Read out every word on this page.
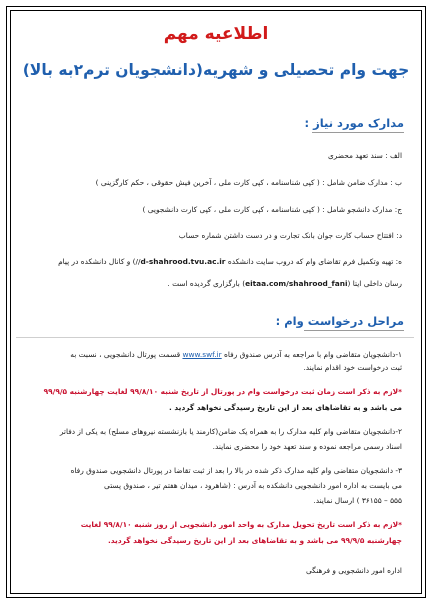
اطلاعیه مهم
جهت وام تحصیلی و شهریه(دانشجویان ترم۲به بالا)
مدارک مورد نیاز :
الف : سند تعهد محضری
ب : مدارک ضامن شامل : ( کپی شناسنامه ، کپی کارت ملی ، آخرین فیش حقوقی ، حکم کارگزینی )
ج: مدارک دانشجو شامل : ( کپی شناسنامه ، کپی کارت ملی ، کپی کارت دانشجویی )
د: افتتاح حساب کارت جوان بانک تجارت و در دست داشتن شماره حساب
ه: تهیه وتکمیل فرم تقاضای وام که دروب سایت دانشکده d-shahrood.tvu.ac.ir//) و کانال دانشکده در پیام
رسان داخلی ایتا (eitaa.com/shahrood_fani) بارگزاری گردیده است .
مراحل درخواست وام :
۱-دانشجویان متقاضی وام با مراجعه به آدرس صندوق رفاه www.swf.ir قسمت پورتال دانشجویی ، نسبت به
ثبت درخواست خود اقدام نمایند.
*لازم به ذکر است زمان ثبت درخواست وام در پورتال از تاریخ شنبه ۹۹/۸/۱۰ لغایت چهارشنبه ۹۹/۹/۵
می باشد و به تقاضاهای بعد از این تاریخ رسیدگی نخواهد گردید .
۲-دانشجویان متقاضی وام کلیه مدارک را به همراه یک ضامن(کارمند یا بازنشسته نیروهای مسلح) به یکی از دفاتر
اسناد رسمی مراجعه نموده و سند تعهد خود را محضری نمایند.
۳- دانشجویان متقاضی وام کلیه مدارک ذکر شده در بالا را بعد از ثبت تقاضا در پورتال دانشجویی صندوق رفاه
می بایست به اداره امور دانشجویی دانشکده به آدرس : (شاهرود ، میدان هفتم تیر ، صندوق پستی
۵۵۵ – ۳۶۱۵۵ ) ارسال نمایند.
*لازم به ذکر است تاریخ تحویل مدارک به واحد امور دانشجویی از روز شنبه ۹۹/۸/۱۰ لغایت
چهارشنبه ۹۹/۹/۵ می باشد و به تقاضاهای بعد از این تاریخ رسیدگی نخواهد گردید.
اداره امور دانشجویی و فرهنگی
